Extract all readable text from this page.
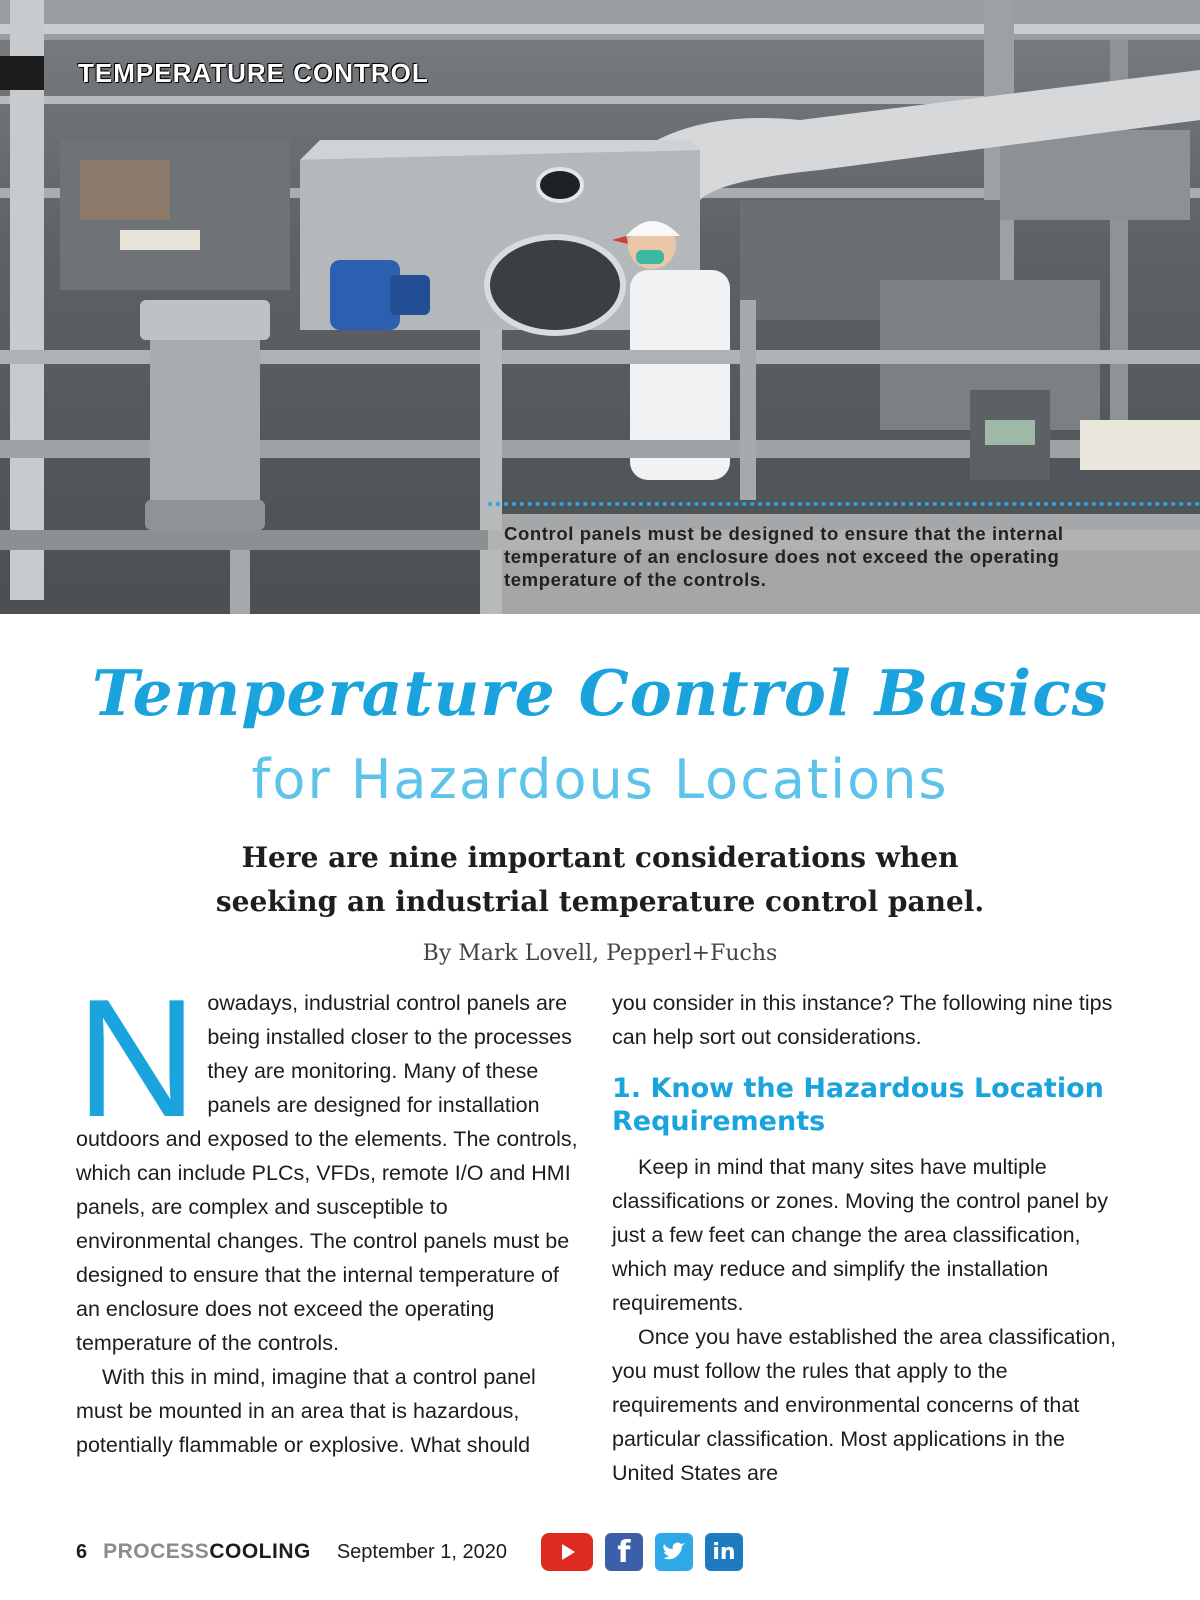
TEMPERATURE CONTROL
Control panels must be designed to ensure that the internal temperature of an enclosure does not exceed the operating temperature of the controls.
Temperature Control Basics
for Hazardous Locations
Here are nine important considerations when
seeking an industrial temperature control panel.
By Mark Lovell, Pepperl+Fuchs
N owadays, industrial control panels are being installed closer to the processes they are monitoring. Many of these panels are designed for installation outdoors and exposed to the elements. The controls, which can include PLCs, VFDs, remote I/O and HMI panels, are complex and susceptible to environmental changes. The control panels must be designed to ensure that the internal temperature of an enclosure does not exceed the operating temperature of the controls.

With this in mind, imagine that a control panel must be mounted in an area that is hazardous, potentially flammable or explosive. What should

you consider in this instance? The following nine tips can help sort out considerations.

1. Know the Hazardous Location Requirements

Keep in mind that many sites have multiple classifications or zones. Moving the control panel by just a few feet can change the area classification, which may reduce and simplify the installation requirements.

Once you have established the area classification, you must follow the rules that apply to the requirements and environmental concerns of that particular classification. Most applications in the United States are

6 PROCESS COOLING September 1, 2020	f	in
